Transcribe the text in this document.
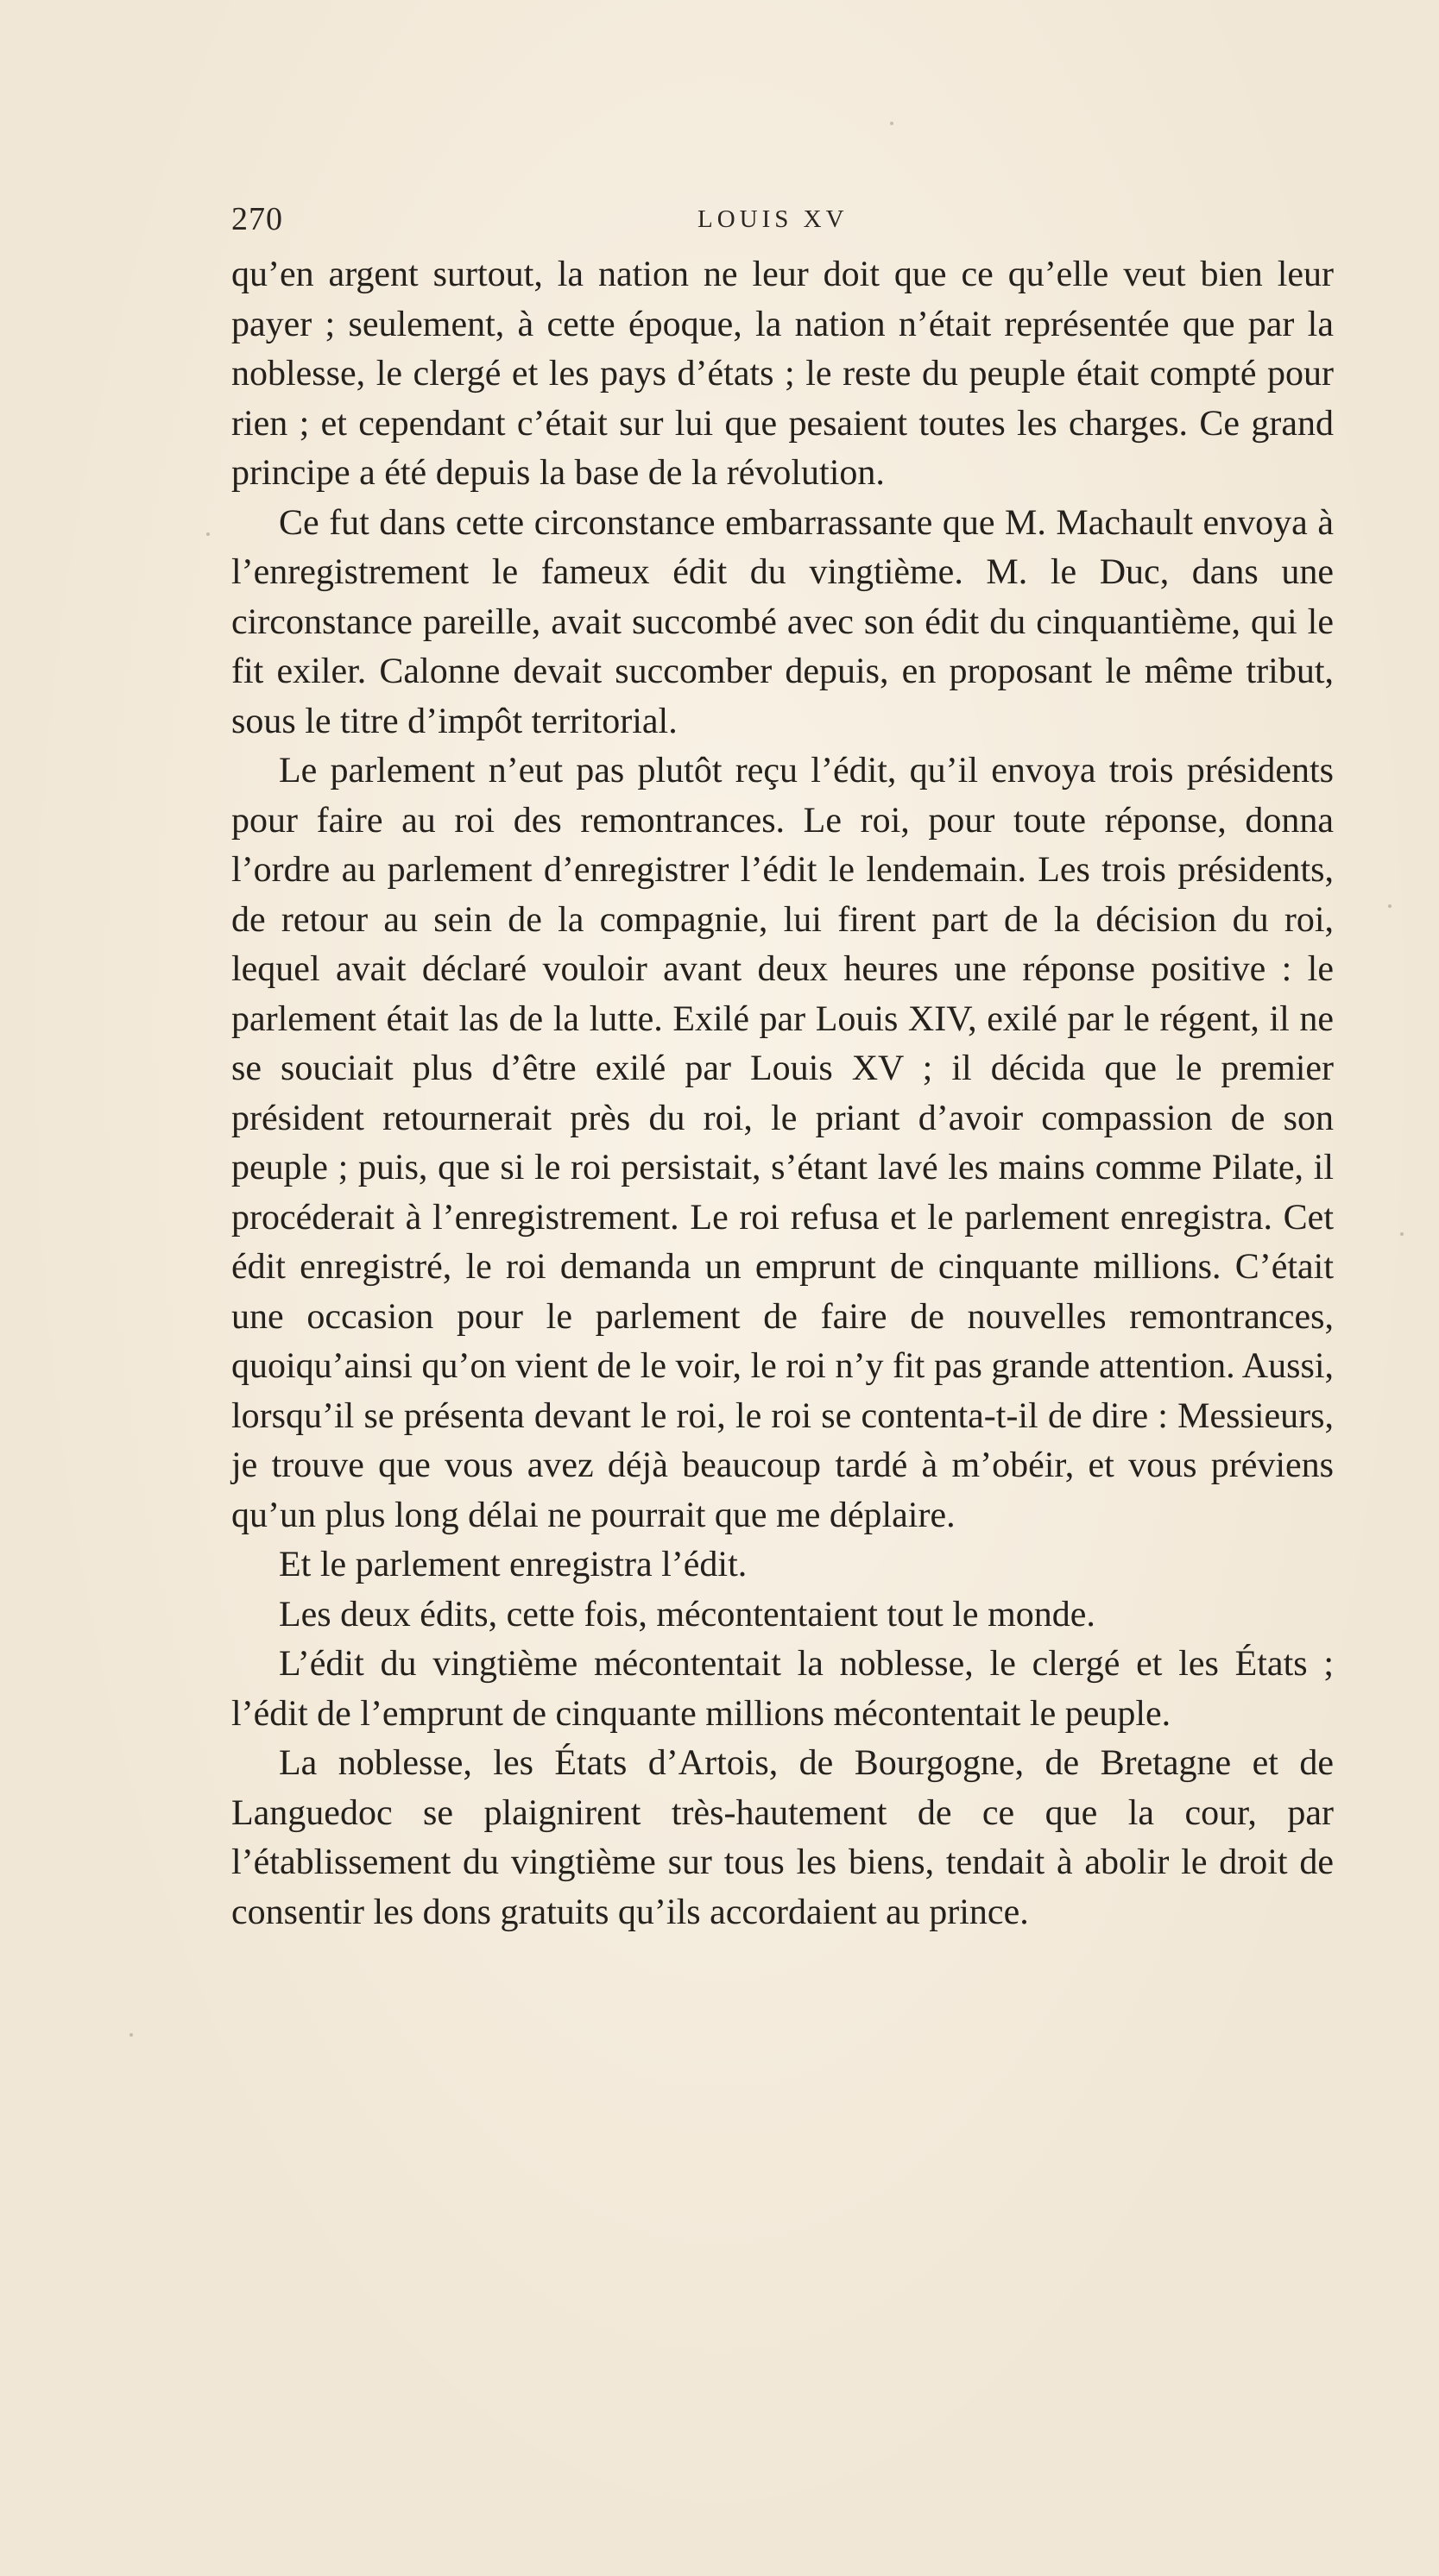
270	LOUIS XV

qu’en argent surtout, la nation ne leur doit que ce qu’elle veut bien leur payer ; seulement, à cette époque, la nation n’était représentée que par la noblesse, le clergé et les pays d’états ; le reste du peuple était compté pour rien ; et cependant c’était sur lui que pesaient toutes les charges. Ce grand principe a été depuis la base de la révolution.

Ce fut dans cette circonstance embarrassante que M. Machault envoya à l’enregistrement le fameux édit du vingtième. M. le Duc, dans une circonstance pareille, avait succombé avec son édit du cinquantième, qui le fit exiler. Calonne devait succomber depuis, en proposant le même tribut, sous le titre d’impôt territorial.

Le parlement n’eut pas plutôt reçu l’édit, qu’il envoya trois présidents pour faire au roi des remontrances. Le roi, pour toute réponse, donna l’ordre au parlement d’enregistrer l’édit le lendemain. Les trois présidents, de retour au sein de la compagnie, lui firent part de la décision du roi, lequel avait déclaré vouloir avant deux heures une réponse positive : le parlement était las de la lutte. Exilé par Louis XIV, exilé par le régent, il ne se souciait plus d’être exilé par Louis XV ; il décida que le premier président retournerait près du roi, le priant d’avoir compassion de son peuple ; puis, que si le roi persistait, s’étant lavé les mains comme Pilate, il procéderait à l’enregistrement. Le roi refusa et le parlement enregistra. Cet édit enregistré, le roi demanda un emprunt de cinquante millions. C’était une occasion pour le parlement de faire de nouvelles remontrances, quoiqu’ainsi qu’on vient de le voir, le roi n’y fit pas grande attention. Aussi, lorsqu’il se présenta devant le roi, le roi se contenta-t-il de dire : Messieurs, je trouve que vous avez déjà beaucoup tardé à m’obéir, et vous préviens qu’un plus long délai ne pourrait que me déplaire.

Et le parlement enregistra l’édit.

Les deux édits, cette fois, mécontentaient tout le monde.

L’édit du vingtième mécontentait la noblesse, le clergé et les États ; l’édit de l’emprunt de cinquante millions mécontentait le peuple.

La noblesse, les États d’Artois, de Bourgogne, de Bretagne et de Languedoc se plaignirent très-hautement de ce que la cour, par l’établissement du vingtième sur tous les biens, tendait à abolir le droit de consentir les dons gratuits qu’ils accordaient au prince.
